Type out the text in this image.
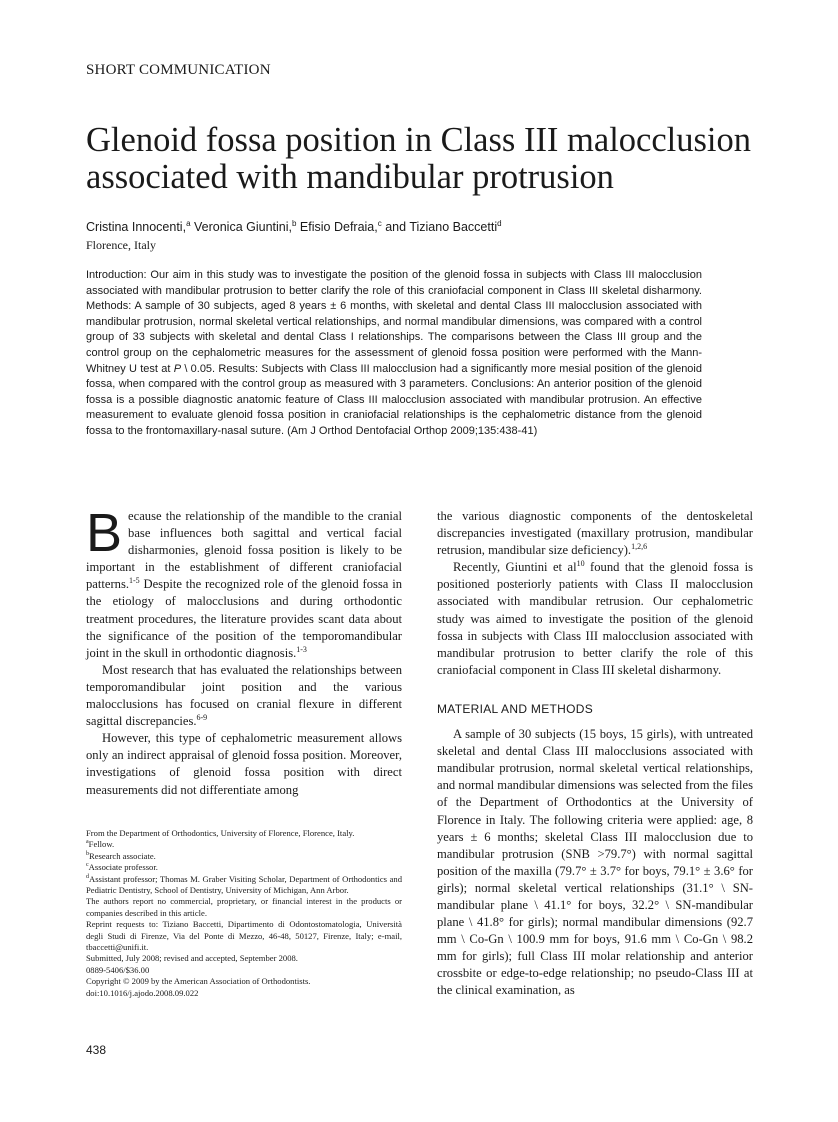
SHORT COMMUNICATION
Glenoid fossa position in Class III malocclusion
associated with mandibular protrusion
Cristina Innocenti,$^a$ Veronica Giuntini,$^b$ Efisio Defraia,$^c$ and Tiziano Baccetti$^d$
Florence, Italy

Introduction: Our aim in this study was to investigate the position of the glenoid fossa in subjects with Class III malocclusion associated with mandibular protrusion to better clarify the role of this craniofacial component in Class III skeletal disharmony. Methods: A sample of 30 subjects, aged 8 years ± 6 months, with skeletal and dental Class III malocclusion associated with mandibular protrusion, normal skeletal vertical relationships, and normal mandibular dimensions, was compared with a control group of 33 subjects with skeletal and dental Class I relationships. The comparisons between the Class III group and the control group on the cephalometric measures for the assessment of glenoid fossa position were performed with the Mann-Whitney U test at P \ 0.05. Results: Subjects with Class III malocclusion had a significantly more mesial position of the glenoid fossa, when compared with the control group as measured with 3 parameters. Conclusions: An anterior position of the glenoid fossa is a possible diagnostic anatomic feature of Class III malocclusion associated with mandibular protrusion. An effective measurement to evaluate glenoid fossa position in craniofacial relationships is the cephalometric distance from the glenoid fossa to the frontomaxillary-nasal suture. (Am J Orthod Dentofacial Orthop 2009;135:438-41)

Because the relationship of the mandible to the cranial base influences both sagittal and vertical facial disharmonies, glenoid fossa position is likely to be important in the establishment of different craniofacial patterns.$^{1-5}$ Despite the recognized role of the glenoid fossa in the etiology of malocclusions and during orthodontic treatment procedures, the literature provides scant data about the significance of the position of the temporomandibular joint in the skull in orthodontic diagnosis.$^{1-3}$

Most research that has evaluated the relationships between temporomandibular joint position and the various malocclusions has focused on cranial flexure in different sagittal discrepancies.$^{6-9}$

However, this type of cephalometric measurement allows only an indirect appraisal of glenoid fossa position. Moreover, investigations of glenoid fossa position with direct measurements did not differentiate among

the various diagnostic components of the dentoskeletal discrepancies investigated (maxillary protrusion, mandibular retrusion, mandibular size deficiency).$^{1,2,6}$

Recently, Giuntini et $al^{10}$ found that the glenoid fossa is positioned posteriorly patients with Class II malocclusion associated with mandibular retrusion. Our cephalometric study was aimed to investigate the position of the glenoid fossa in subjects with Class III malocclusion associated with mandibular protrusion to better clarify the role of this craniofacial component in Class III skeletal disharmony.

MATERIAL AND METHODS

A sample of 30 subjects (15 boys, 15 girls), with untreated skeletal and dental Class III malocclusions associated with mandibular protrusion, normal skeletal vertical relationships, and normal mandibular dimensions was selected from the files of the Department of Orthodontics at the University of Florence in Italy. The following criteria were applied: age, 8 years ± 6 months; skeletal Class III malocclusion due to mandibular protrusion (SNB >79.7°) with normal sagittal position of the maxilla (79.7° ± 3.7° for boys, 79.1° ± 3.6° for girls); normal skeletal vertical relationships (31.1° \ SN-mandibular plane \ 41.1° for boys, 32.2° \ SN-mandibular plane \ 41.8° for girls); normal mandibular dimensions (92.7 mm \ Co-Gn \ 100.9 mm for boys, 91.6 mm \ Co-Gn \ 98.2 mm for girls); full Class III molar relationship and anterior crossbite or edge-to-edge relationship; no pseudo-Class III at the clinical examination, as

From the Department of Orthodontics, University of Florence, Florence, Italy.

$^a$Fellow.

$^b$Research associate.

$^c$Associate professor.

$^d$Assistant professor; Thomas M. Graber Visiting Scholar, Department of Orthodontics and Pediatric Dentistry, School of Dentistry, University of Michigan, Ann Arbor.

The authors report no commercial, proprietary, or financial interest in the products or companies described in this article.

Reprint requests to: Tiziano Baccetti, Dipartimento di Odontostomatologia, Università degli Studi di Firenze, Via del Ponte di Mezzo, 46-48, 50127, Firenze, Italy; e-mail, tbaccetti@unifi.it.

Submitted, July 2008; revised and accepted, September 2008.

0889-5406/$36.00

Copyright © 2009 by the American Association of Orthodontists.

doi:10.1016/j.ajodo.2008.09.022

438
